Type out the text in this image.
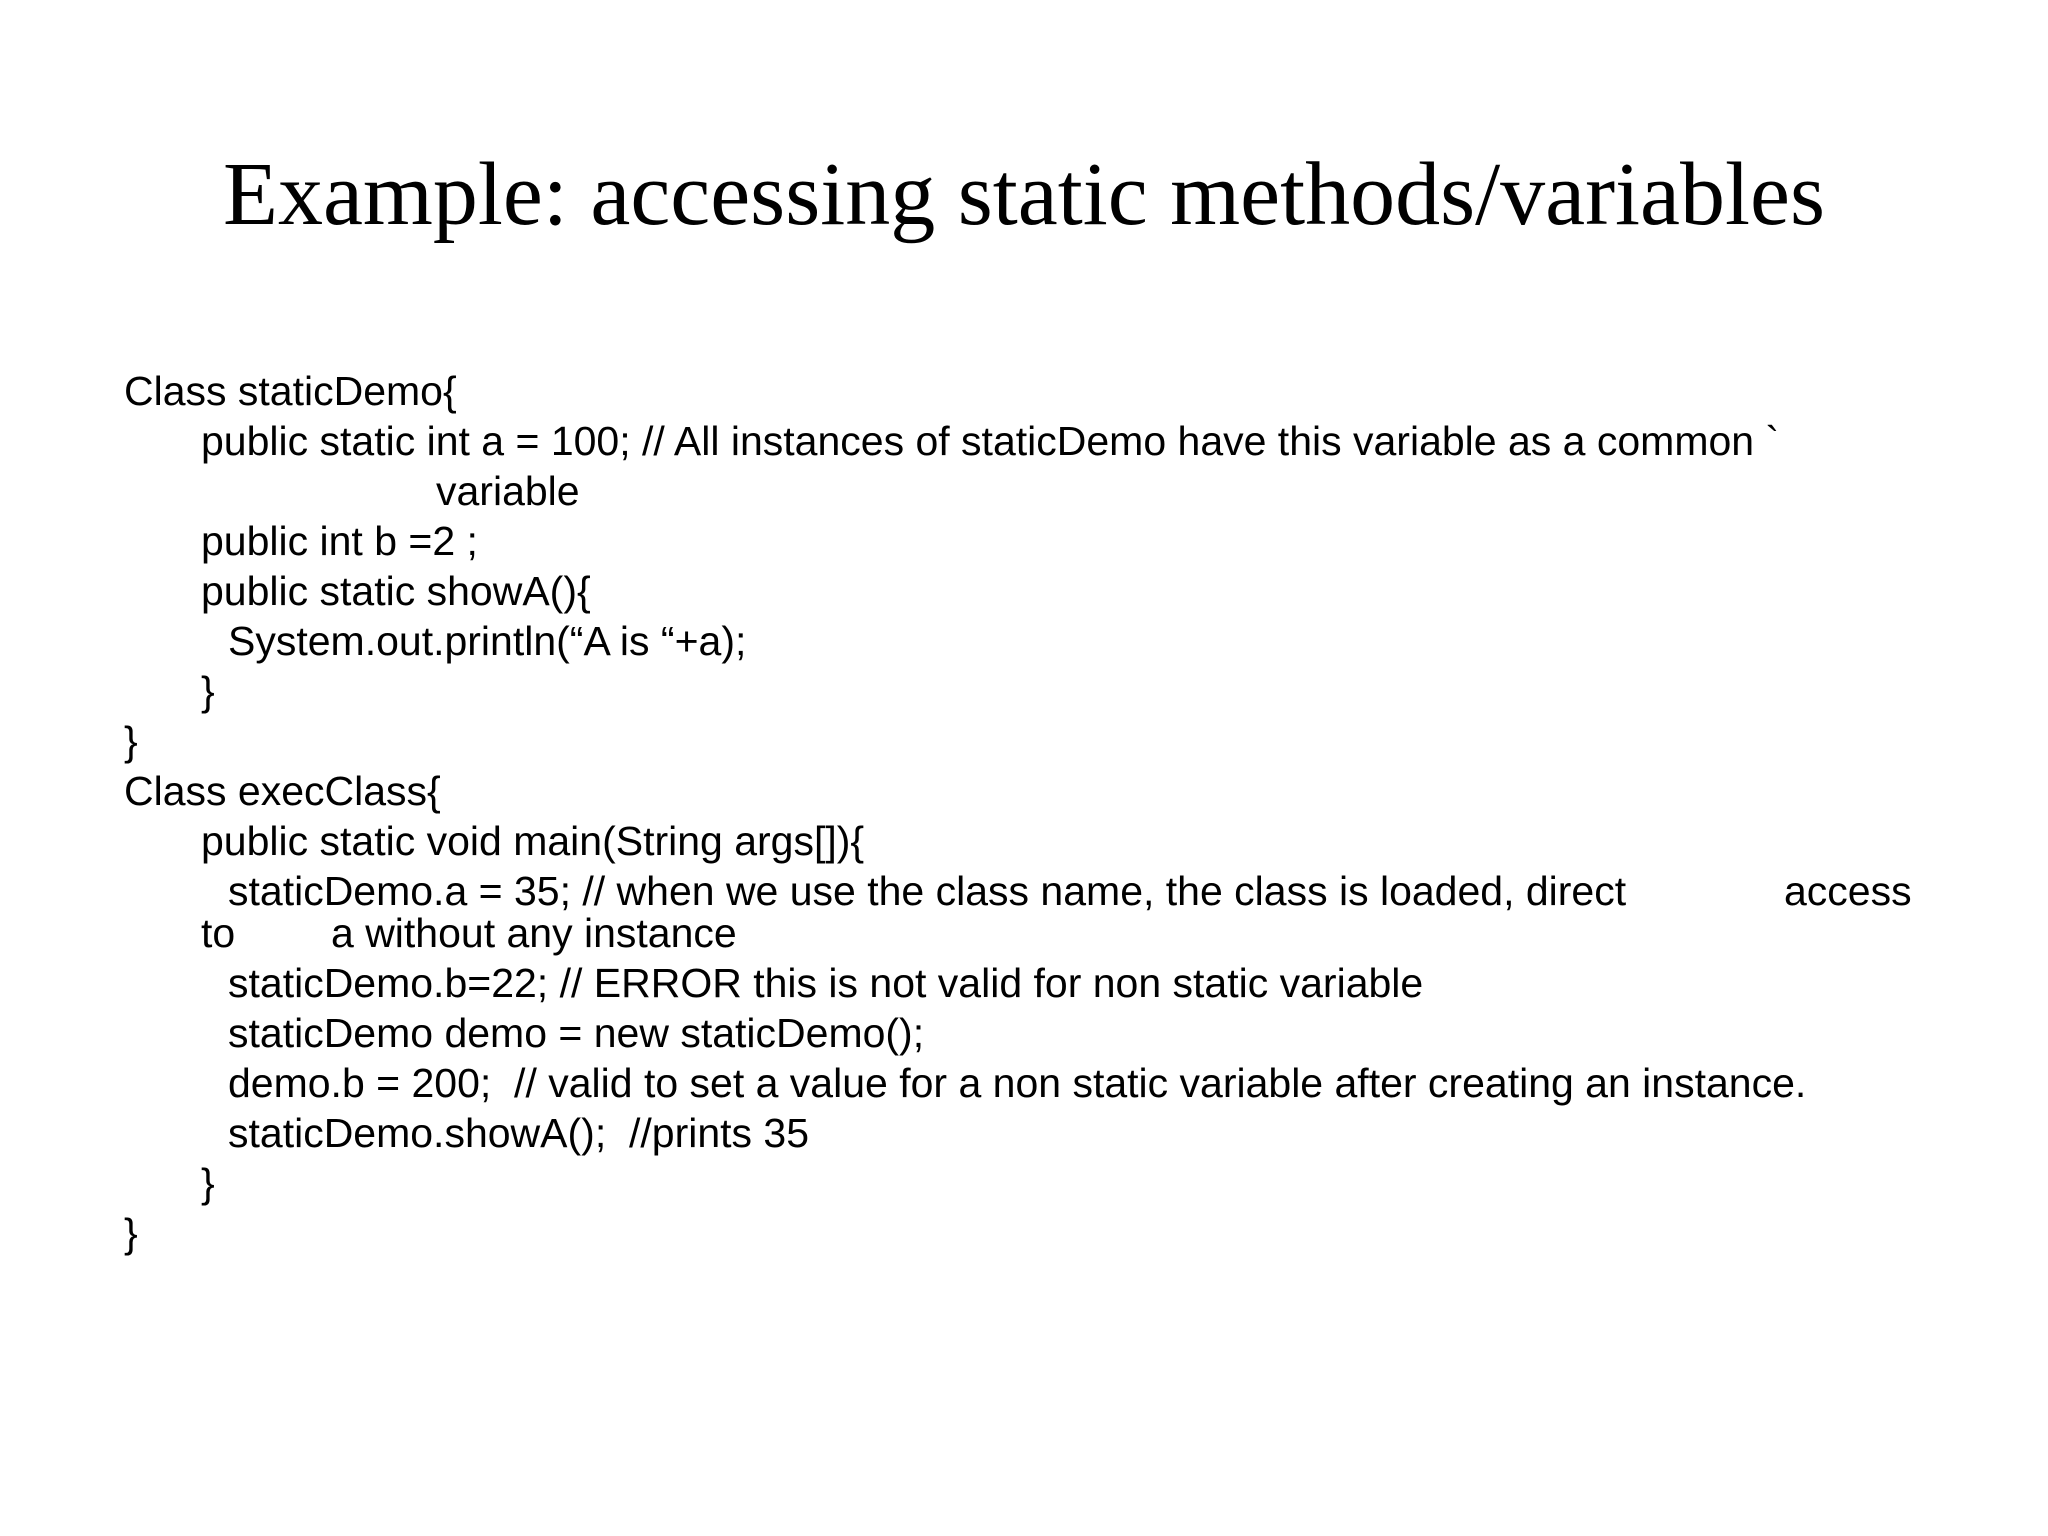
Example: accessing static methods/variables
Class staticDemo{
public static int a = 100; // All instances of staticDemo have this variable as a common `
variable
public int b =2 ;
public static showA(){
System.out.println(“A is “+a);
}
}
Class execClass{
public static void main(String args[]){
staticDemo.a = 35; // when we use the class name, the class is loaded, direct	access
to a without any instance
staticDemo.b=22; // ERROR this is not valid for non static variable
staticDemo demo = new staticDemo();
demo.b = 200;  // valid to set a value for a non static variable after creating an instance.
staticDemo.showA();  //prints 35
}
}
